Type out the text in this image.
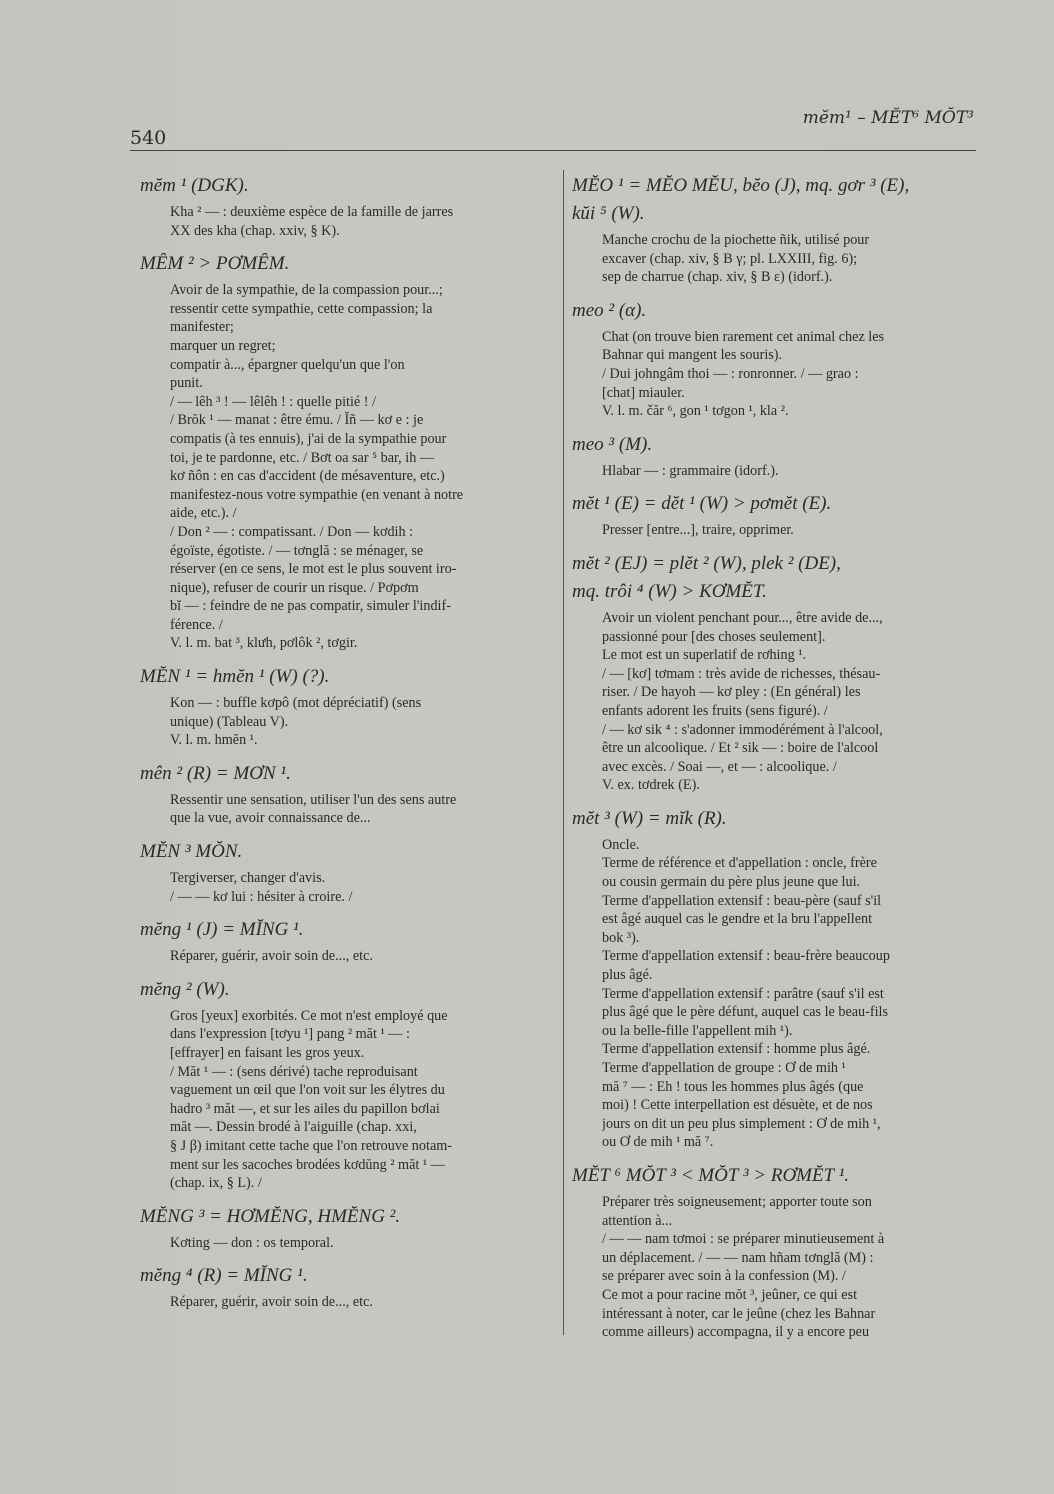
540
mĕm¹ – MĔT⁶ MŎT³
mĕm ¹ (DGK).
Kha ² — : deuxième espèce de la famille de jarres
XX des kha (chap. xxiv, § K).
MÊM ² > PƠMÊM.
Avoir de la sympathie, de la compassion pour...;
ressentir cette sympathie, cette compassion; la
manifester;
marquer un regret;
compatir à..., épargner quelqu'un que l'on
punit.
/ — lêh ³ ! — lêlêh ! : quelle pitié ! /
/ Brŏk ¹ — manat : être ému. / Ĭñ — kơ e : je
compatis (à tes ennuis), j'ai de la sympathie pour
toi, je te pardonne, etc. / Bơt oa sar ⁵ bar, ih —
kơ ñôn : en cas d'accident (de mésaventure, etc.)
manifestez-nous votre sympathie (en venant à notre
aide, etc.). /
/ Don ² — : compatissant. / Don — kơdih :
égoïste, égotiste. / — tơnglă : se ménager, se
réserver (en ce sens, le mot est le plus souvent iro-
nique), refuser de courir un risque. / Pơpơm
bĭ — : feindre de ne pas compatir, simuler l'indif-
férence. /
V. l. m. bat ³, klưh, pơlôk ², tơgir.
MĔN ¹ = hmĕn ¹ (W) (?).
Kon — : buffle kơpô (mot dépréciatif) (sens
unique) (Tableau V).
V. l. m. hmĕn ¹.
mên ² (R) = MƠN ¹.
Ressentir une sensation, utiliser l'un des sens autre
que la vue, avoir connaissance de...
MĔN ³ MŎN.
Tergiverser, changer d'avis.
/ — — kơ lui : hésiter à croire. /
mĕng ¹ (J) = MĬNG ¹.
Réparer, guérir, avoir soin de..., etc.
mĕng ² (W).
Gros [yeux] exorbités. Ce mot n'est employé que
dans l'expression [tơyu ¹] pang ² măt ¹ — :
[effrayer] en faisant les gros yeux.
/ Măt ¹ — : (sens dérivé) tache reproduisant
vaguement un œil que l'on voit sur les élytres du
hadro ³ măt —, et sur les ailes du papillon bơlai
măt —. Dessin brodé à l'aiguille (chap. xxi,
§ J β) imitant cette tache que l'on retrouve notam-
ment sur les sacoches brodées kơdŭng ² măt ¹ —
(chap. ix, § L). /
MĔNG ³ = HƠMĔNG, HMĔNG ².
Kơting — don : os temporal.
mĕng ⁴ (R) = MĬNG ¹.
Réparer, guérir, avoir soin de..., etc.
MĔO ¹ = MĔO MĔU, bĕo (J), mq. gơr ³ (E),
kŭi ⁵ (W).
Manche crochu de la piochette ñik, utilisé pour
excaver (chap. xiv, § B γ; pl. LXXIII, fig. 6);
sep de charrue (chap. xiv, § B ε) (idorf.).
meo ² (α).
Chat (on trouve bien rarement cet animal chez les
Bahnar qui mangent les souris).
/ Dui johngâm thoi — : ronronner. / — grao :
[chat] miauler.
V. l. m. čăr ⁶, gon ¹ tơgon ¹, kla ².
meo ³ (M).
Hlabar — : grammaire (idorf.).
mĕt ¹ (E) = dĕt ¹ (W) > pơmĕt (E).
Presser [entre...], traire, opprimer.
mĕt ² (EJ) = plĕt ² (W), plek ² (DE),
mq. trôi ⁴ (W) > KƠMĔT.
Avoir un violent penchant pour..., être avide de...,
passionné pour [des choses seulement].
Le mot est un superlatif de rơhing ¹.
/ — [kơ] tơmam : très avide de richesses, thésau-
riser. / De hayoh — kơ pley : (En général) les
enfants adorent les fruits (sens figuré). /
/ — kơ sik ⁴ : s'adonner immodérément à l'alcool,
être un alcoolique. / Et ² sik — : boire de l'alcool
avec excès. / Soai —, et — : alcoolique. /
V. ex. tơdrek (E).
mĕt ³ (W) = mĭk (R).
Oncle.
Terme de référence et d'appellation : oncle, frère
ou cousin germain du père plus jeune que lui.
Terme d'appellation extensif : beau-père (sauf s'il
est âgé auquel cas le gendre et la bru l'appellent
bok ³).
Terme d'appellation extensif : beau-frère beaucoup
plus âgé.
Terme d'appellation extensif : parâtre (sauf s'il est
plus âgé que le père défunt, auquel cas le beau-fils
ou la belle-fille l'appellent mih ¹).
Terme d'appellation extensif : homme plus âgé.
Terme d'appellation de groupe : Ơ de mih ¹
mă ⁷ — : Eh ! tous les hommes plus âgés (que
moi) ! Cette interpellation est désuète, et de nos
jours on dit un peu plus simplement : Ơ de mih ¹,
ou Ơ de mih ¹ mă ⁷.
MĔT ⁶ MŎT ³ < MŎT ³ > RƠMĔT ¹.
Préparer très soigneusement; apporter toute son
attention à...
/ — — nam tơmoi : se préparer minutieusement à
un déplacement. / — — nam hñam tơnglă (M) :
se préparer avec soin à la confession (M). /
Ce mot a pour racine mŏt ³, jeûner, ce qui est
intéressant à noter, car le jeûne (chez les Bahnar
comme ailleurs) accompagna, il y a encore peu
